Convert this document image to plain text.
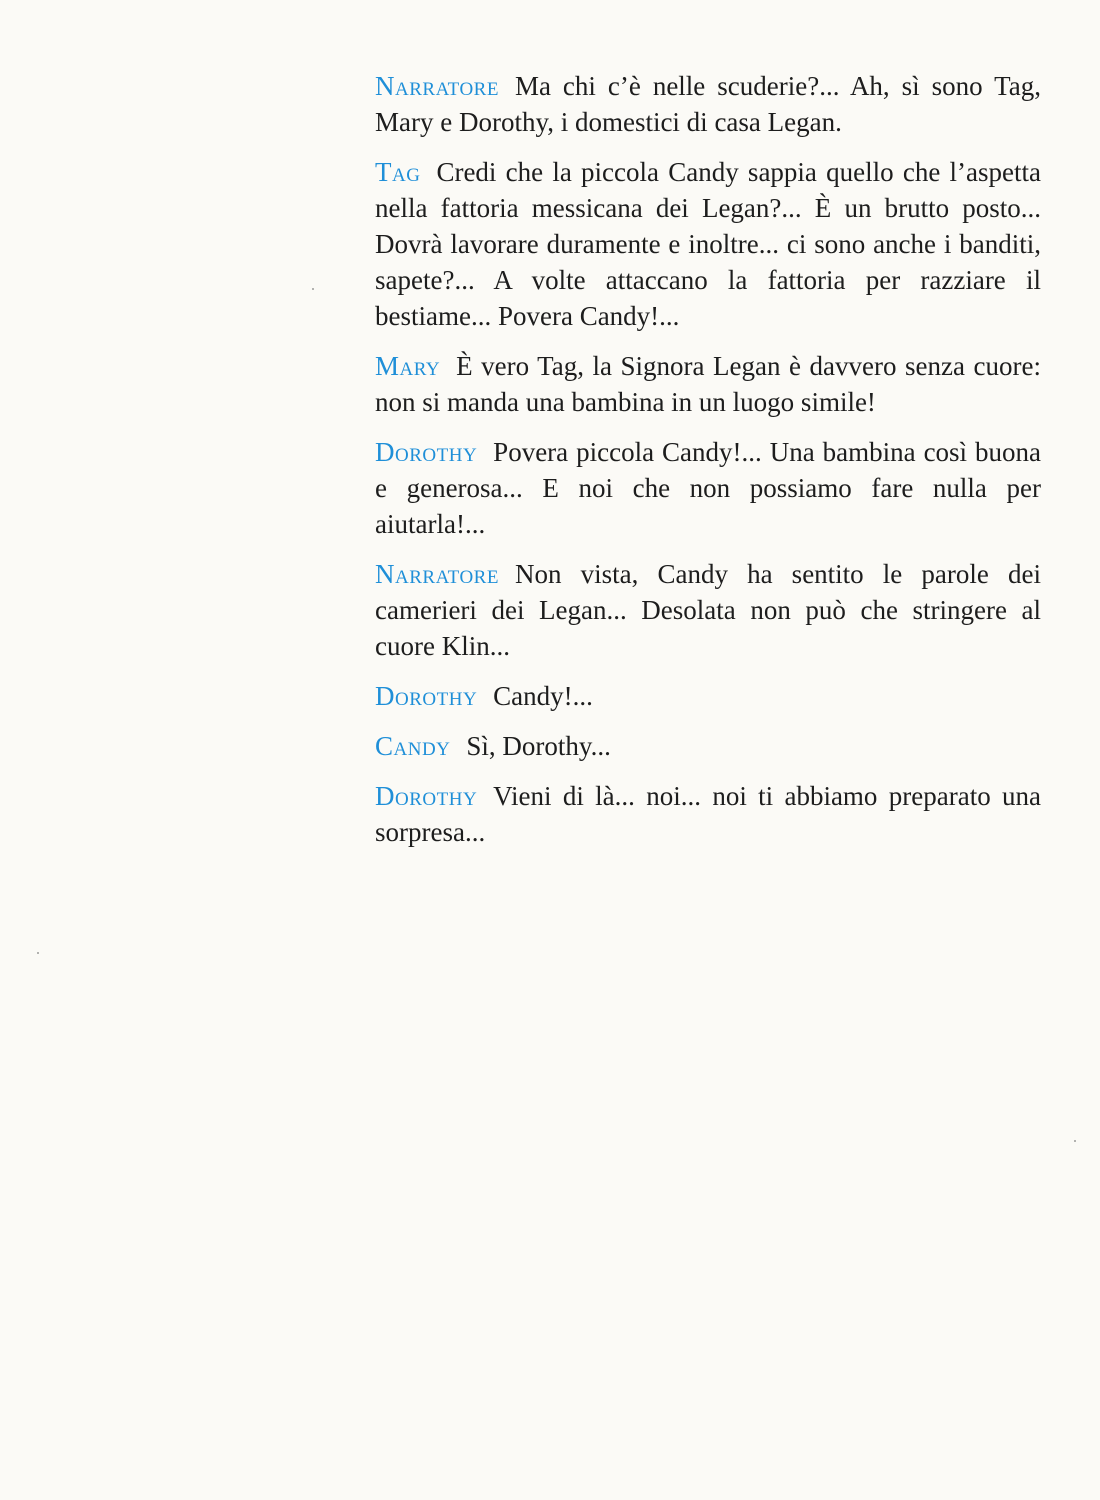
Narratore Ma chi c’è nelle scuderie?... Ah, sì sono Tag, Mary e Dorothy, i domestici di casa Legan.

Tag Credi che la piccola Candy sappia quello che l’aspetta nella fattoria messicana dei Legan?... È un brutto posto... Dovrà lavorare duramente e inoltre... ci sono anche i banditi, sapete?... A volte attaccano la fattoria per razziare il bestiame... Povera Candy!...

Mary È vero Tag, la Signora Legan è davvero senza cuore: non si manda una bambina in un luogo simile!

Dorothy Povera piccola Candy!... Una bambina così buona e generosa... E noi che non possiamo fare nulla per aiutarla!...

Narratore Non vista, Candy ha sentito le parole dei camerieri dei Legan... Desolata non può che stringere al cuore Klin...

Dorothy Candy!...

Candy Sì, Dorothy...

Dorothy Vieni di là... noi... noi ti abbiamo preparato una sorpresa...
